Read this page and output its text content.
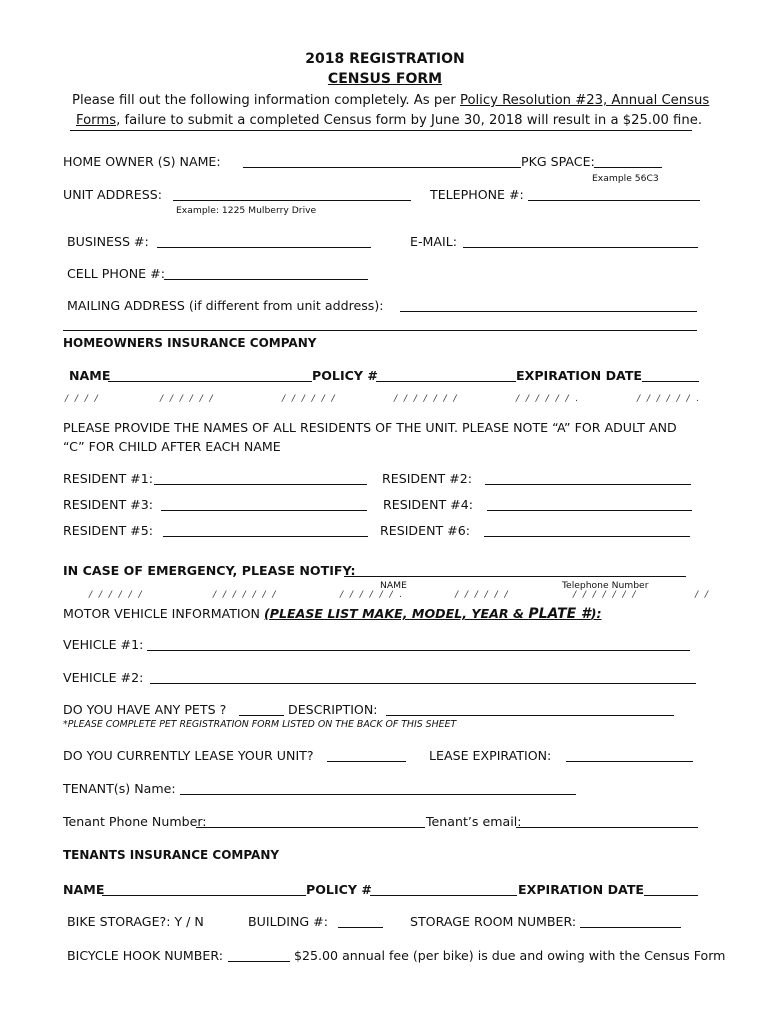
2018 REGISTRATION
CENSUS FORM
Please fill out the following information completely. As per Policy Resolution #23, Annual Census
Forms, failure to submit a completed Census form by June 30, 2018 will result in a $25.00 fine.
HOME OWNER (S) NAME:	PKG SPACE:
Example 56C3
UNIT ADDRESS:
Example: 1225 Mulberry Drive
TELEPHONE #:
BUSINESS #:	E-MAIL:
CELL PHONE #:
MAILING ADDRESS (if different from unit address):
HOMEOWNERS INSURANCE COMPANY
NAME	POLICY #	EXPIRATION DATE
/ / / /	/ / / / / /	/ / / / / /	/ / / / / / /	/ / / / / / .	/ / / / / / .
PLEASE PROVIDE THE NAMES OF ALL RESIDENTS OF THE UNIT. PLEASE NOTE “A” FOR ADULT AND
“C” FOR CHILD AFTER EACH NAME
RESIDENT #1:	RESIDENT #2:
RESIDENT #3:	RESIDENT #4:
RESIDENT #5:	RESIDENT #6:
IN CASE OF EMERGENCY, PLEASE NOTIFY:
NAME	Telephone Number
/ / / / / /	/ / / / / / /	/ / / / / / .	/ / / / / /	/ / / / / / /	/ /
MOTOR VEHICLE INFORMATION (PLEASE LIST MAKE, MODEL, YEAR & PLATE #):
VEHICLE #1:
VEHICLE #2:
DO YOU HAVE ANY PETS ?	DESCRIPTION:
*PLEASE COMPLETE PET REGISTRATION FORM LISTED ON THE BACK OF THIS SHEET
DO YOU CURRENTLY LEASE YOUR UNIT?	LEASE EXPIRATION:
TENANT(s) Name:
Tenant Phone Number:	Tenant’s email:
TENANTS INSURANCE COMPANY
NAME	POLICY #	EXPIRATION DATE
BIKE STORAGE?: Y / N	BUILDING #:	STORAGE ROOM NUMBER:
BICYCLE HOOK NUMBER:	$25.00 annual fee (per bike) is due and owing with the Census Form
